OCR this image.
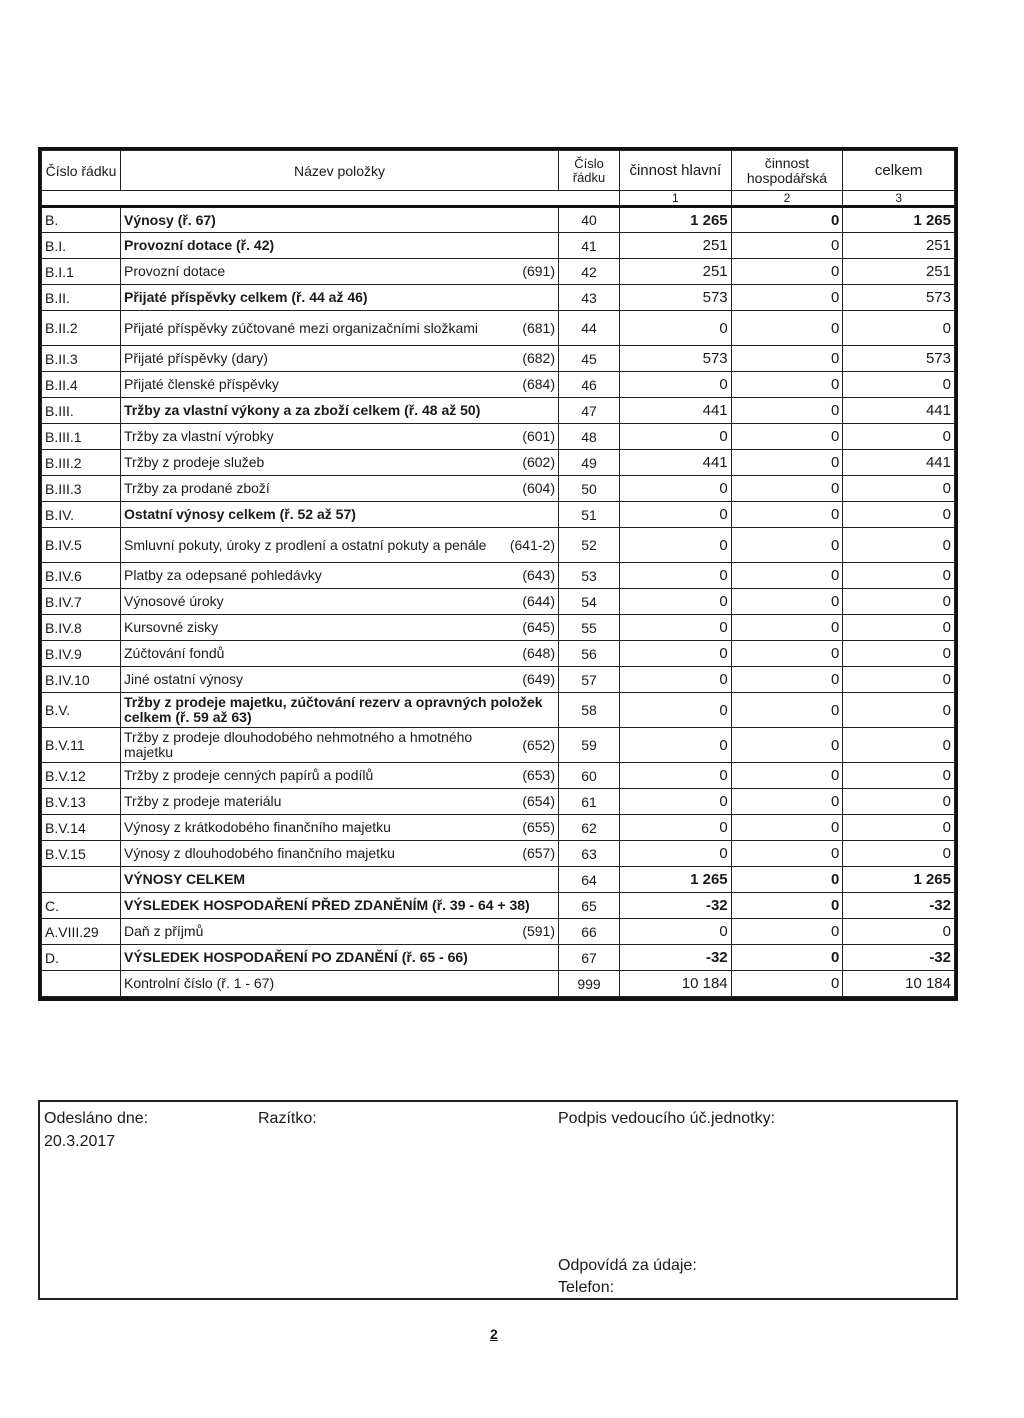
Číslo řádku	Název položky	Číslo řádku	činnost hlavní	činnost hospodářská	celkem
			1	2	3
B.	Výnosy (ř. 67)	40	1 265	0	1 265
B.I.	Provozní dotace (ř. 42)	41	251	0	251
B.I.1	Provozní dotace (691)	42	251	0	251
B.II.	Přijaté příspěvky celkem (ř. 44 až 46)	43	573	0	573
B.II.2	Přijaté příspěvky zúčtované mezi organizačními složkami (681)	44	0	0	0
B.II.3	Přijaté příspěvky (dary) (682)	45	573	0	573
B.II.4	Přijaté členské příspěvky (684)	46	0	0	0
B.III.	Tržby za vlastní výkony a za zboží celkem (ř. 48 až 50)	47	441	0	441
B.III.1	Tržby za vlastní výrobky (601)	48	0	0	0
B.III.2	Tržby z prodeje služeb (602)	49	441	0	441
B.III.3	Tržby za prodané zboží (604)	50	0	0	0
B.IV.	Ostatní výnosy celkem (ř. 52 až 57)	51	0	0	0
B.IV.5	Smluvní pokuty, úroky z prodlení a ostatní pokuty a penále (641-2)	52	0	0	0
B.IV.6	Platby za odepsané pohledávky (643)	53	0	0	0
B.IV.7	Výnosové úroky (644)	54	0	0	0
B.IV.8	Kursovné zisky (645)	55	0	0	0
B.IV.9	Zúčtování fondů (648)	56	0	0	0
B.IV.10	Jiné ostatní výnosy (649)	57	0	0	0
B.V.	Tržby z prodeje majetku, zúčtování rezerv a opravných položek celkem (ř. 59 až 63)	58	0	0	0
B.V.11	Tržby z prodeje dlouhodobého nehmotného a hmotného majetku (652)	59	0	0	0
B.V.12	Tržby z prodeje cenných papírů a podílů (653)	60	0	0	0
B.V.13	Tržby z prodeje materiálu (654)	61	0	0	0
B.V.14	Výnosy z krátkodobého finančního majetku (655)	62	0	0	0
B.V.15	Výnosy z dlouhodobého finančního majetku (657)	63	0	0	0

	VÝNOSY CELKEM	64	1 265	0	1 265
C.	VÝSLEDEK HOSPODAŘENÍ PŘED ZDANĚNÍM (ř. 39 - 64 + 38)	65	-32	0	-32
A.VIII.29	Daň z příjmů (591)	66	0	0	0
D.	VÝSLEDEK HOSPODAŘENÍ PO ZDANĚNÍ (ř. 65 - 66)	67	-32	0	-32

	Kontrolní číslo (ř. 1 - 67)	999	10 184	0	10 184
Odesláno dne:
20.3.2017
Razítko:	Podpis vedoucího úč.jednotky:
Odpovídá za údaje:
Telefon:
2
